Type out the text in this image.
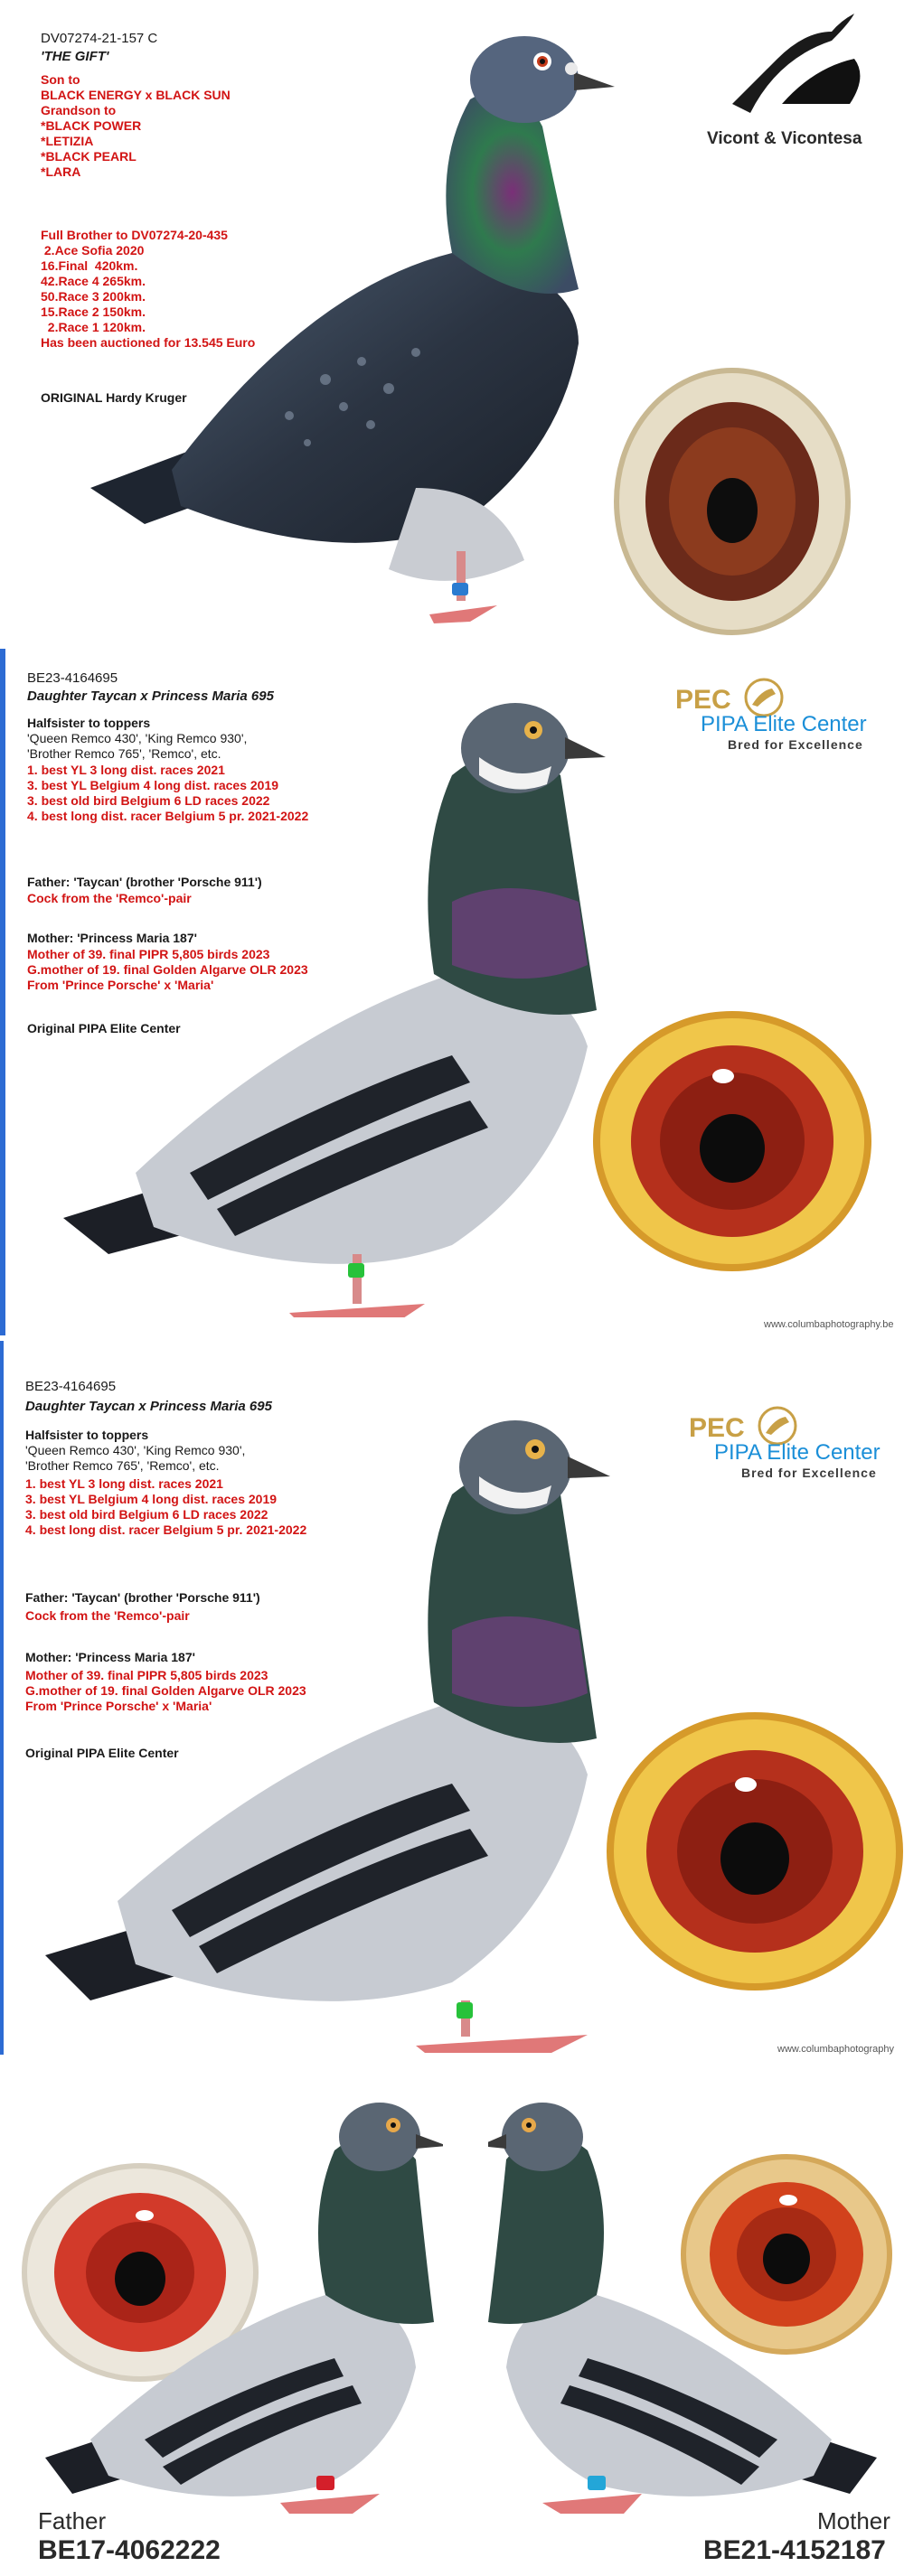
DV07274-21-157 C
'THE GIFT'
Son to
BLACK ENERGY x BLACK SUN
Grandson to
*BLACK POWER
*LETIZIA
*BLACK PEARL
*LARA
Full Brother to DV07274-20-435
2.Ace Sofia 2020
16.Final  420km.
42.Race 4 265km.
50.Race 3 200km.
15.Race 2 150km.
2.Race 1 120km.
Has been auctioned for 13.545 Euro
ORIGINAL Hardy Kruger
Vicont & Vicontesa
BE23-4164695
Daughter Taycan x Princess Maria 695
Halfsister to toppers
'Queen Remco 430', 'King Remco 930',
'Brother Remco 765', 'Remco', etc.
1. best YL 3 long dist. races 2021
3. best YL Belgium 4 long dist. races 2019
3. best old bird Belgium 6 LD races 2022
4. best long dist. racer Belgium 5 pr. 2021-2022
Father: 'Taycan' (brother 'Porsche 911')
Cock from the 'Remco'-pair
Mother: 'Princess Maria 187'
Mother of 39. final PIPR 5,805 birds 2023
G.mother of 19. final Golden Algarve OLR 2023
From 'Prince Porsche' x 'Maria'
Original PIPA Elite Center
PEC
PIPA Elite Center
Bred for Excellence
www.columbaphotography.be
BE23-4164695
Daughter Taycan x Princess Maria 695
Halfsister to toppers
'Queen Remco 430', 'King Remco 930',
'Brother Remco 765', 'Remco', etc.
1. best YL 3 long dist. races 2021
3. best YL Belgium 4 long dist. races 2019
3. best old bird Belgium 6 LD races 2022
4. best long dist. racer Belgium 5 pr. 2021-2022
Father: 'Taycan' (brother 'Porsche 911')
Cock from the 'Remco'-pair
Mother: 'Princess Maria 187'
Mother of 39. final PIPR 5,805 birds 2023
G.mother of 19. final Golden Algarve OLR 2023
From 'Prince Porsche' x 'Maria'
Original PIPA Elite Center
PEC
PIPA Elite Center
Bred for Excellence
www.columbaphotography
Father
BE17-4062222
Mother
BE21-4152187
